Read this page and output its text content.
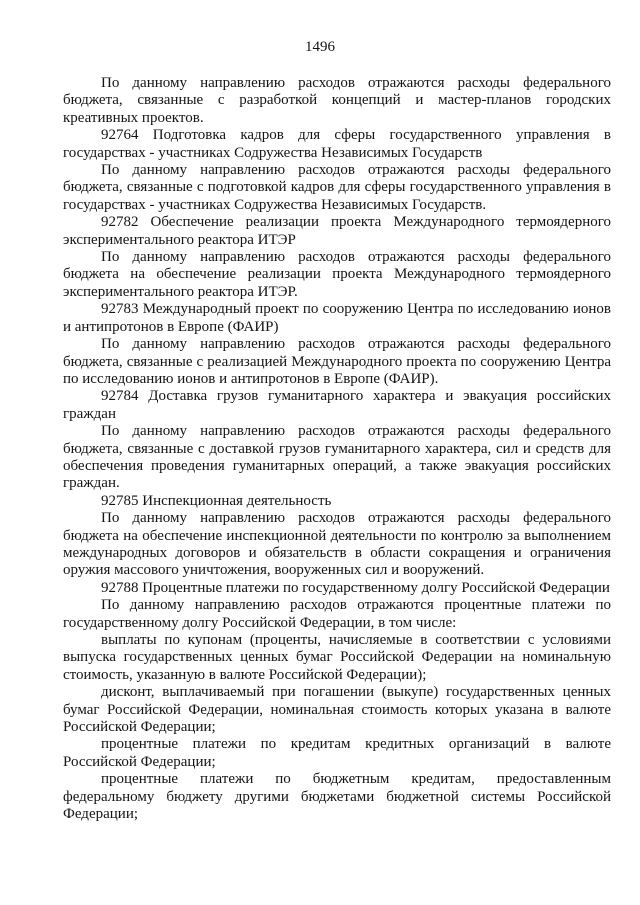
1496

По данному направлению расходов отражаются расходы федерального бюджета, связанные с разработкой концепций и мастер-планов городских креативных проектов.

92764 Подготовка кадров для сферы государственного управления в государствах - участниках Содружества Независимых Государств

По данному направлению расходов отражаются расходы федерального бюджета, связанные с подготовкой кадров для сферы государственного управления в государствах - участниках Содружества Независимых Государств.

92782 Обеспечение реализации проекта Международного термоядерного экспериментального реактора ИТЭР

По данному направлению расходов отражаются расходы федерального бюджета на обеспечение реализации проекта Международного термоядерного экспериментального реактора ИТЭР.

92783 Международный проект по сооружению Центра по исследованию ионов и антипротонов в Европе (ФАИР)

По данному направлению расходов отражаются расходы федерального бюджета, связанные с реализацией Международного проекта по сооружению Центра по исследованию ионов и антипротонов в Европе (ФАИР).

92784 Доставка грузов гуманитарного характера и эвакуация российских граждан

По данному направлению расходов отражаются расходы федерального бюджета, связанные с доставкой грузов гуманитарного характера, сил и средств для обеспечения проведения гуманитарных операций, а также эвакуация российских граждан.

92785 Инспекционная деятельность

По данному направлению расходов отражаются расходы федерального бюджета на обеспечение инспекционной деятельности по контролю за выполнением международных договоров и обязательств в области сокращения и ограничения оружия массового уничтожения, вооруженных сил и вооружений.

92788 Процентные платежи по государственному долгу Российской Федерации

По данному направлению расходов отражаются процентные платежи по государственному долгу Российской Федерации, в том числе:

выплаты по купонам (проценты, начисляемые в соответствии с условиями выпуска государственных ценных бумаг Российской Федерации на номинальную стоимость, указанную в валюте Российской Федерации);

дисконт, выплачиваемый при погашении (выкупе) государственных ценных бумаг Российской Федерации, номинальная стоимость которых указана в валюте Российской Федерации;

процентные платежи по кредитам кредитных организаций в валюте Российской Федерации;

процентные платежи по бюджетным кредитам, предоставленным федеральному бюджету другими бюджетами бюджетной системы Российской Федерации;
